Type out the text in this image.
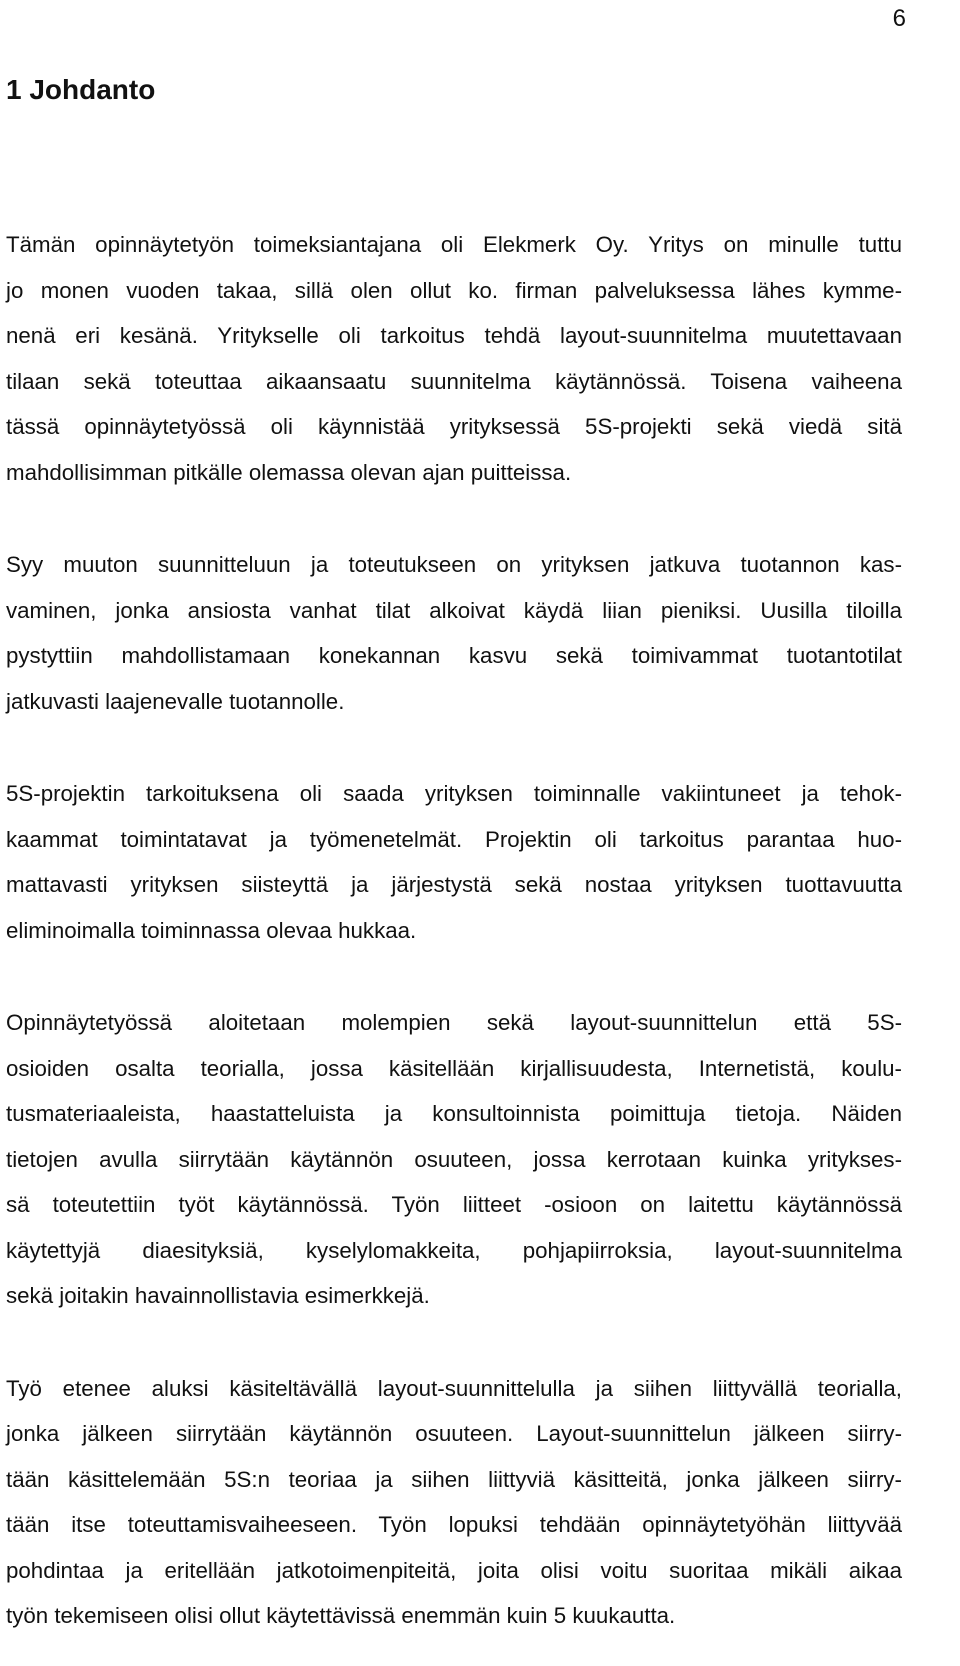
6
1 Johdanto

Tämän opinnäytetyön toimeksiantajana oli Elekmerk Oy. Yritys on minulle tuttu
jo monen vuoden takaa, sillä olen ollut ko. firman palveluksessa lähes kymme-
nenä eri kesänä. Yritykselle oli tarkoitus tehdä layout-suunnitelma muutettavaan
tilaan sekä toteuttaa aikaansaatu suunnitelma käytännössä. Toisena vaiheena
tässä opinnäytetyössä oli käynnistää yrityksessä 5S-projekti sekä viedä sitä
mahdollisimman pitkälle olemassa olevan ajan puitteissa.

Syy muuton suunnitteluun ja toteutukseen on yrityksen jatkuva tuotannon kas-
vaminen, jonka ansiosta vanhat tilat alkoivat käydä liian pieniksi. Uusilla tiloilla
pystyttiin mahdollistamaan konekannan kasvu sekä toimivammat tuotantotilat
jatkuvasti laajenevalle tuotannolle.

5S-projektin tarkoituksena oli saada yrityksen toiminnalle vakiintuneet ja tehok-
kaammat toimintatavat ja työmenetelmät. Projektin oli tarkoitus parantaa huo-
mattavasti yrityksen siisteyttä ja järjestystä sekä nostaa yrityksen tuottavuutta
eliminoimalla toiminnassa olevaa hukkaa.

Opinnäytetyössä aloitetaan molempien sekä layout-suunnittelun että 5S-
osioiden osalta teorialla, jossa käsitellään kirjallisuudesta, Internetistä, koulu-
tusmateriaaleista, haastatteluista ja konsultoinnista poimittuja tietoja. Näiden
tietojen avulla siirrytään käytännön osuuteen, jossa kerrotaan kuinka yritykses-
sä toteutettiin työt käytännössä. Työn liitteet -osioon on laitettu käytännössä
käytettyjä diaesityksiä, kyselylomakkeita, pohjapiirroksia, layout-suunnitelma
sekä joitakin havainnollistavia esimerkkejä.

Työ etenee aluksi käsiteltävällä layout-suunnittelulla ja siihen liittyvällä teorialla,
jonka jälkeen siirrytään käytännön osuuteen. Layout-suunnittelun jälkeen siirry-
tään käsittelemään 5S:n teoriaa ja siihen liittyviä käsitteitä, jonka jälkeen siirry-
tään itse toteuttamisvaiheeseen. Työn lopuksi tehdään opinnäytetyöhän liittyvää
pohdintaa ja eritellään jatkotoimenpiteitä, joita olisi voitu suoritaa mikäli aikaa
työn tekemiseen olisi ollut käytettävissä enemmän kuin 5 kuukautta.
